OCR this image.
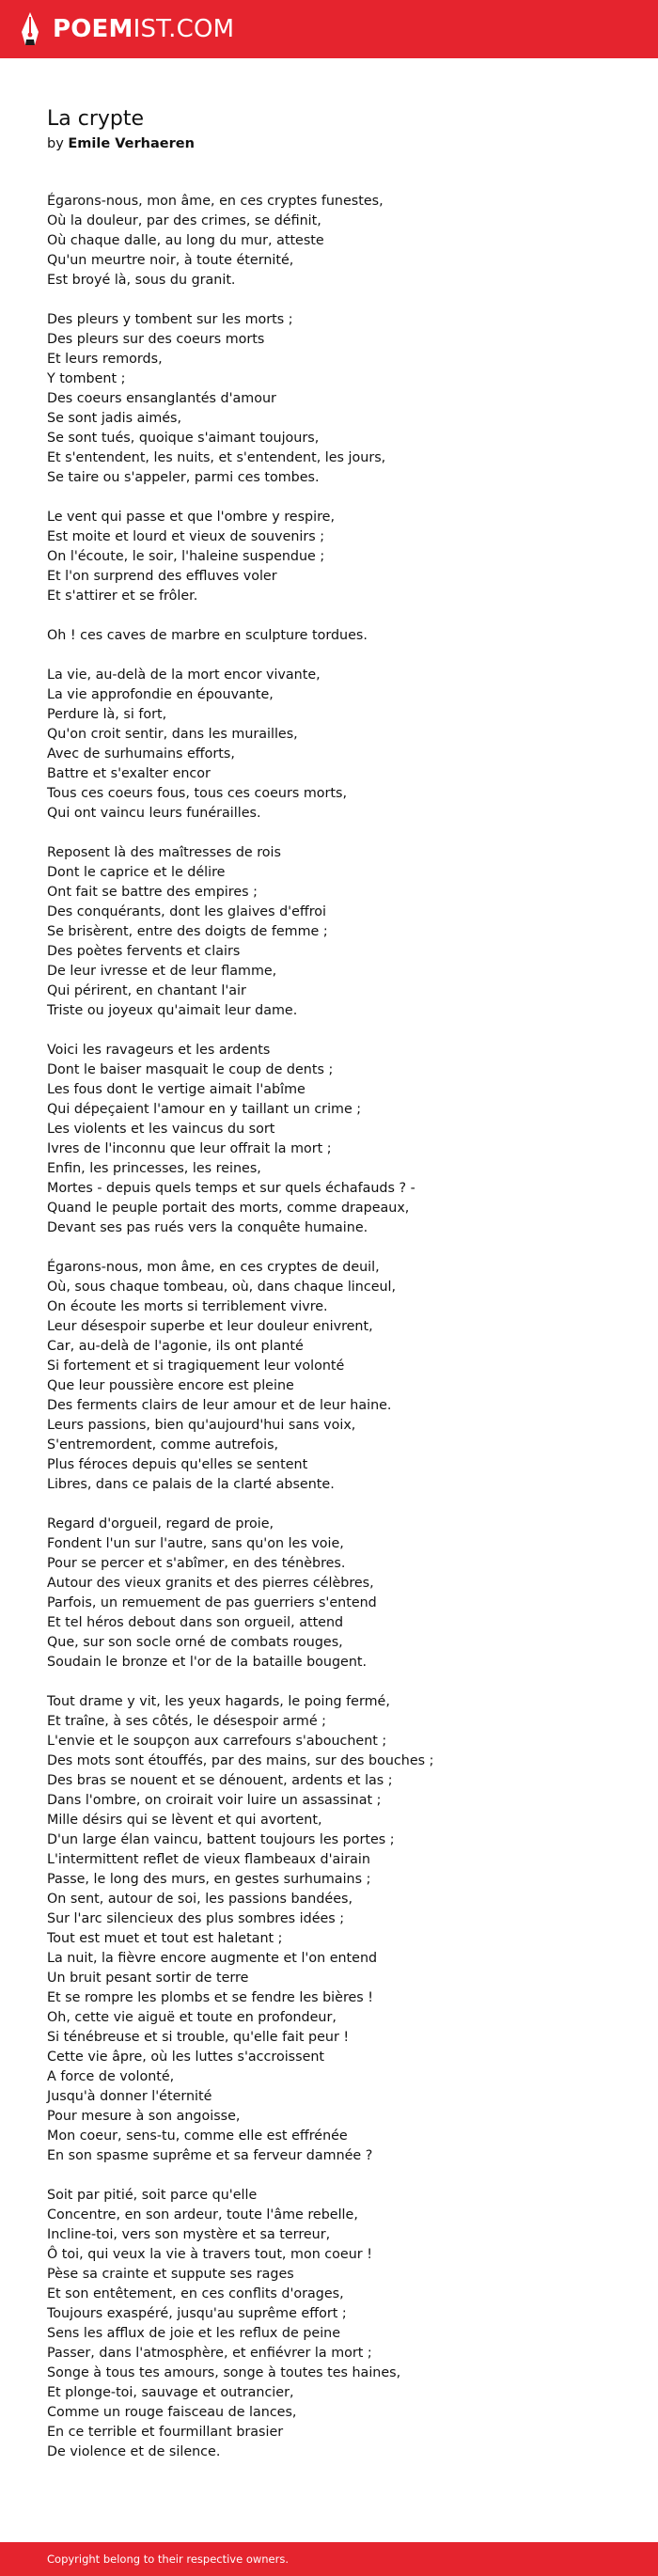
POEMIST.COM
La crypte
by Emile Verhaeren
Égarons-nous, mon âme, en ces cryptes funestes,
Où la douleur, par des crimes, se définit,
Où chaque dalle, au long du mur, atteste
Qu'un meurtre noir, à toute éternité,
Est broyé là, sous du granit.
Des pleurs y tombent sur les morts ;
Des pleurs sur des coeurs morts
Et leurs remords,
Y tombent ;
Des coeurs ensanglantés d'amour
Se sont jadis aimés,
Se sont tués, quoique s'aimant toujours,
Et s'entendent, les nuits, et s'entendent, les jours,
Se taire ou s'appeler, parmi ces tombes.
Le vent qui passe et que l'ombre y respire,
Est moite et lourd et vieux de souvenirs ;
On l'écoute, le soir, l'haleine suspendue ;
Et l'on surprend des effluves voler
Et s'attirer et se frôler.
Oh ! ces caves de marbre en sculpture tordues.
La vie, au-delà de la mort encor vivante,
La vie approfondie en épouvante,
Perdure là, si fort,
Qu'on croit sentir, dans les murailles,
Avec de surhumains efforts,
Battre et s'exalter encor
Tous ces coeurs fous, tous ces coeurs morts,
Qui ont vaincu leurs funérailles.
Reposent là des maîtresses de rois
Dont le caprice et le délire
Ont fait se battre des empires ;
Des conquérants, dont les glaives d'effroi
Se brisèrent, entre des doigts de femme ;
Des poètes fervents et clairs
De leur ivresse et de leur flamme,
Qui périrent, en chantant l'air
Triste ou joyeux qu'aimait leur dame.
Voici les ravageurs et les ardents
Dont le baiser masquait le coup de dents ;
Les fous dont le vertige aimait l'abîme
Qui dépeçaient l'amour en y taillant un crime ;
Les violents et les vaincus du sort
Ivres de l'inconnu que leur offrait la mort ;
Enfin, les princesses, les reines,
Mortes - depuis quels temps et sur quels échafauds ? -
Quand le peuple portait des morts, comme drapeaux,
Devant ses pas rués vers la conquête humaine.
Égarons-nous, mon âme, en ces cryptes de deuil,
Où, sous chaque tombeau, où, dans chaque linceul,
On écoute les morts si terriblement vivre.
Leur désespoir superbe et leur douleur enivrent,
Car, au-delà de l'agonie, ils ont planté
Si fortement et si tragiquement leur volonté
Que leur poussière encore est pleine
Des ferments clairs de leur amour et de leur haine.
Leurs passions, bien qu'aujourd'hui sans voix,
S'entremordent, comme autrefois,
Plus féroces depuis qu'elles se sentent
Libres, dans ce palais de la clarté absente.
Regard d'orgueil, regard de proie,
Fondent l'un sur l'autre, sans qu'on les voie,
Pour se percer et s'abîmer, en des ténèbres.
Autour des vieux granits et des pierres célèbres,
Parfois, un remuement de pas guerriers s'entend
Et tel héros debout dans son orgueil, attend
Que, sur son socle orné de combats rouges,
Soudain le bronze et l'or de la bataille bougent.
Tout drame y vit, les yeux hagards, le poing fermé,
Et traîne, à ses côtés, le désespoir armé ;
L'envie et le soupçon aux carrefours s'abouchent ;
Des mots sont étouffés, par des mains, sur des bouches ;
Des bras se nouent et se dénouent, ardents et las ;
Dans l'ombre, on croirait voir luire un assassinat ;
Mille désirs qui se lèvent et qui avortent,
D'un large élan vaincu, battent toujours les portes ;
L'intermittent reflet de vieux flambeaux d'airain
Passe, le long des murs, en gestes surhumains ;
On sent, autour de soi, les passions bandées,
Sur l'arc silencieux des plus sombres idées ;
Tout est muet et tout est haletant ;
La nuit, la fièvre encore augmente et l'on entend
Un bruit pesant sortir de terre
Et se rompre les plombs et se fendre les bières !
Oh, cette vie aiguë et toute en profondeur,
Si ténébreuse et si trouble, qu'elle fait peur !
Cette vie âpre, où les luttes s'accroissent
A force de volonté,
Jusqu'à donner l'éternité
Pour mesure à son angoisse,
Mon coeur, sens-tu, comme elle est effrénée
En son spasme suprême et sa ferveur damnée ?
Soit par pitié, soit parce qu'elle
Concentre, en son ardeur, toute l'âme rebelle,
Incline-toi, vers son mystère et sa terreur,
Ô toi, qui veux la vie à travers tout, mon coeur !
Pèse sa crainte et suppute ses rages
Et son entêtement, en ces conflits d'orages,
Toujours exaspéré, jusqu'au suprême effort ;
Sens les afflux de joie et les reflux de peine
Passer, dans l'atmosphère, et enfiévrer la mort ;
Songe à tous tes amours, songe à toutes tes haines,
Et plonge-toi, sauvage et outrancier,
Comme un rouge faisceau de lances,
En ce terrible et fourmillant brasier
De violence et de silence.
Copyright belong to their respective owners.
